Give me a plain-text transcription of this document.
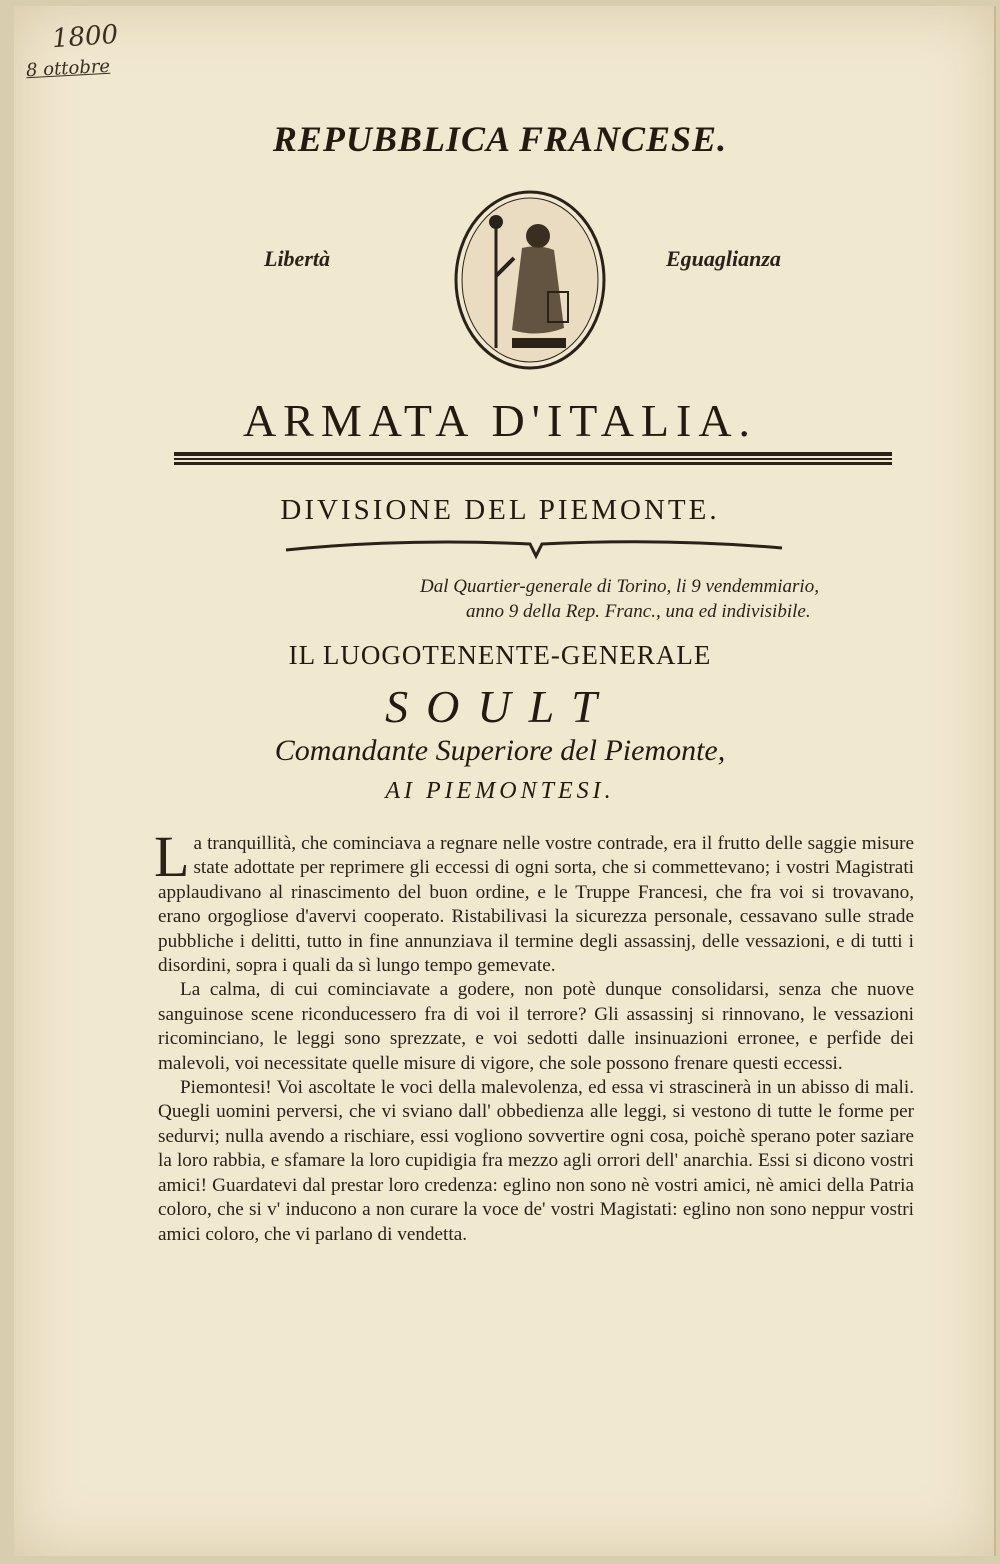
1800
8 ottobre
REPUBBLICA FRANCESE.
Libertà	Eguaglianza
ARMATA D'ITALIA.
DIVISIONE DEL PIEMONTE.
Dal Quartier-generale di Torino, li 9 vendemmiario,
anno 9 della Rep. Franc., una ed indivisibile.
IL LUOGOTENENTE-GENERALE
SOULT
Comandante Superiore del Piemonte,
AI PIEMONTESI.

La tranquillità, che cominciava a regnare nelle vostre contrade, era il frutto delle saggie misure state adottate per reprimere gli eccessi di ogni sorta, che si commettevano; i vostri Magistrati applaudivano al rinascimento del buon ordine, e le Truppe Francesi, che fra voi si trovavano, erano orgogliose d'avervi cooperato. Ristabilivasi la sicurezza personale, cessavano sulle strade pubbliche i delitti, tutto in fine annunziava il termine degli assassinj, delle vessazioni, e di tutti i disordini, sopra i quali da sì lungo tempo gemevate.

La calma, di cui cominciavate a godere, non potè dunque consolidarsi, senza che nuove sanguinose scene riconducessero fra di voi il terrore? Gli assassinj si rinnovano, le vessazioni ricominciano, le leggi sono sprezzate, e voi sedotti dalle insinuazioni erronee, e perfide dei malevoli, voi necessitate quelle misure di vigore, che sole possono frenare questi eccessi.

Piemontesi! Voi ascoltate le voci della malevolenza, ed essa vi strascinerà in un abisso di mali. Quegli uomini perversi, che vi sviano dall' obbedienza alle leggi, si vestono di tutte le forme per sedurvi; nulla avendo a rischiare, essi vogliono sovvertire ogni cosa, poichè sperano poter saziare la loro rabbia, e sfamare la loro cupidigia fra mezzo agli orrori dell' anarchia. Essi si dicono vostri amici! Guardatevi dal prestar loro credenza: eglino non sono nè vostri amici, nè amici della Patria coloro, che si v' inducono a non curare la voce de' vostri Magistati: eglino non sono neppur vostri amici coloro, che vi parlano di vendetta.
